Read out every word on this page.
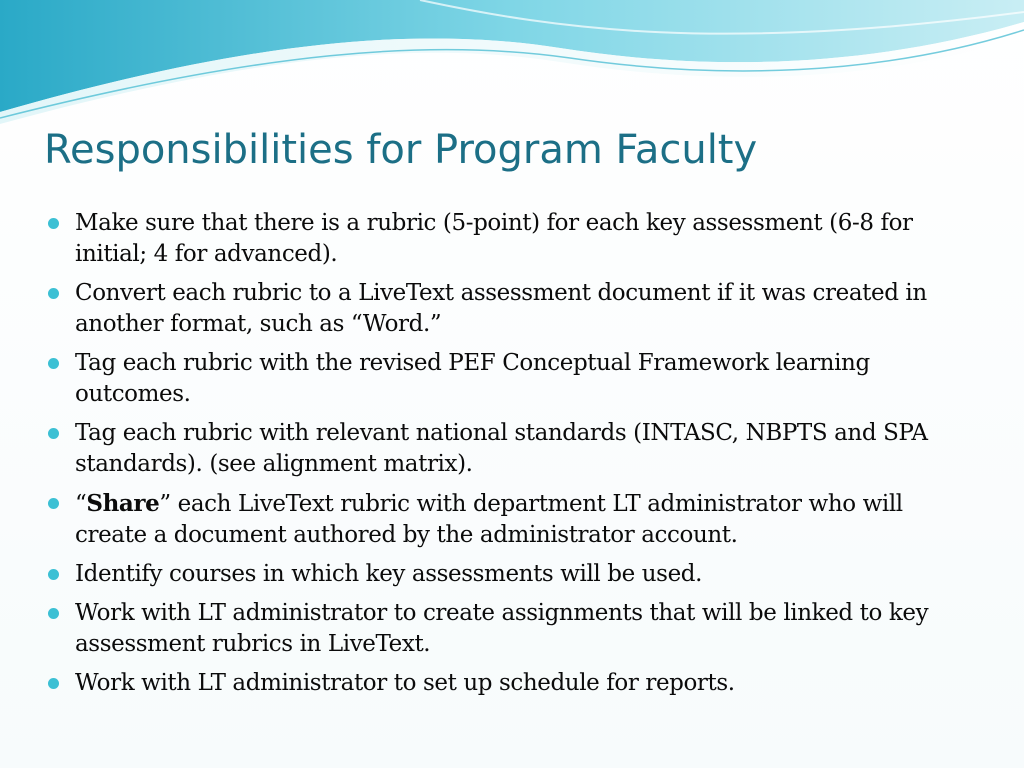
Responsibilities for Program Faculty
Make sure that there is a rubric (5-point) for each key assessment (6-8 for initial; 4 for advanced).
Convert each rubric to a LiveText assessment document if it was created in another format, such as “Word.”
Tag each rubric with the revised PEF Conceptual Framework learning outcomes.
Tag each rubric with relevant national standards (INTASC, NBPTS and SPA standards). (see alignment matrix).
“Share” each LiveText rubric with department LT administrator who will create a document authored by the administrator account.
Identify courses in which key assessments will be used.
Work with LT administrator to create assignments that will be linked to key assessment rubrics in LiveText.
Work with LT administrator to set up schedule for reports.
